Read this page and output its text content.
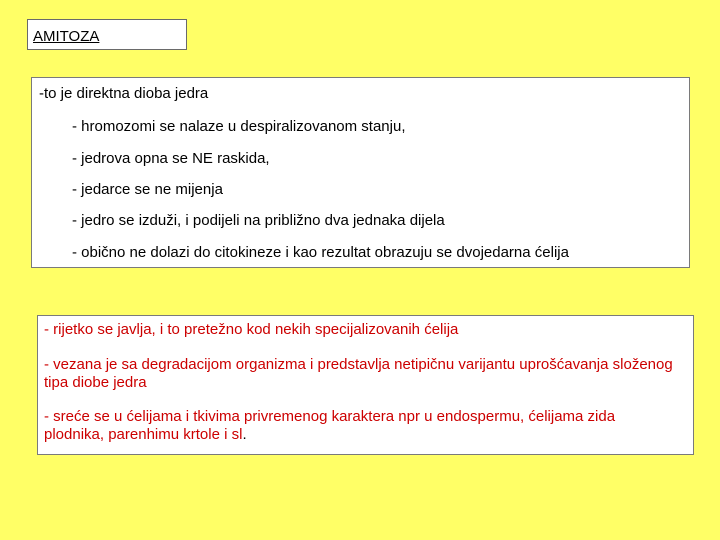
AMITOZA
-to je direktna dioba jedra
- hromozomi se nalaze u despiralizovanom stanju,
- jedrova opna se NE raskida,
- jedarce se ne mijenja
- jedro se izduži, i podijeli na približno dva jednaka dijela
- obično ne dolazi do citokineze i kao rezultat obrazuju se dvojedarna ćelija
- rijetko se javlja, i to pretežno kod nekih specijalizovanih ćelija
- vezana je sa degradacijom organizma i predstavlja netipičnu varijantu uprošćavanja složenog tipa diobe jedra
- sreće se u ćelijama i tkivima privremenog karaktera npr u endospermu, ćelijama zida plodnika, parenhimu krtole i sl.
